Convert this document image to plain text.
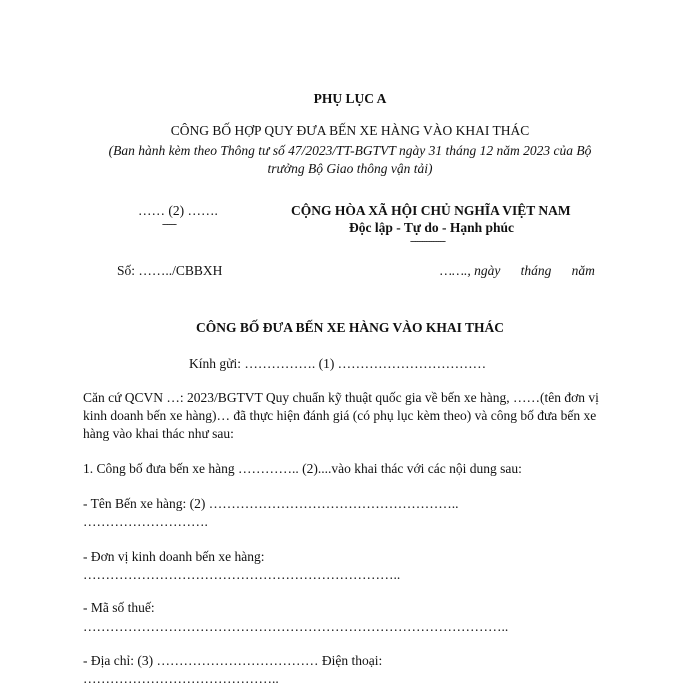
PHỤ LỤC A
CÔNG BỐ HỢP QUY ĐƯA BẾN XE HÀNG VÀO KHAI THÁC
(Ban hành kèm theo Thông tư số 47/2023/TT-BGTVT ngày 31 tháng 12 năm 2023 của Bộ
trưởng Bộ Giao thông vận tải)
…… (2) …….
------
CỘNG HÒA XÃ HỘI CHỦ NGHĨA VIỆT NAM
Độc lập - Tự do - Hạnh phúc
---------------
Số: ……../CBBXH	……., ngày      tháng      năm
CÔNG BỐ ĐƯA BẾN XE HÀNG VÀO KHAI THÁC
Kính gửi: ……………. (1) ……………………………
Căn cứ QCVN …: 2023/BGTVT Quy chuẩn kỹ thuật quốc gia về bến xe hàng, ……(tên đơn vị kinh doanh bến xe hàng)… đã thực hiện đánh giá (có phụ lục kèm theo) và công bố đưa bến xe hàng vào khai thác như sau:
1. Công bố đưa bến xe hàng ………….. (2)....vào khai thác với các nội dung sau:
- Tên Bến xe hàng: (2) ………………………………………………..
……………………….
- Đơn vị kinh doanh bến xe hàng:
……………………………………………………………..
- Mã số thuế:
…………………………………………………………………………………..
- Địa chỉ: (3) ……………………………… Điện thoại:
……………………………………..
